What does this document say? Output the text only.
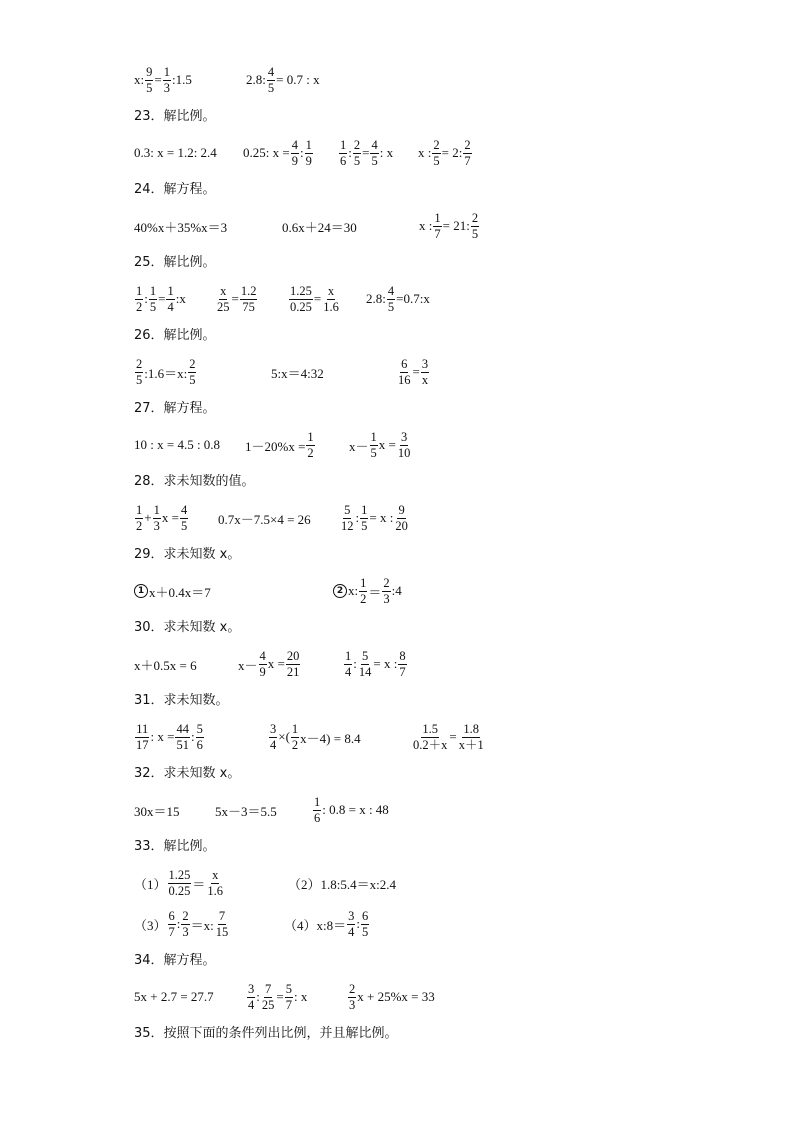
x: $\frac{9}{5} = \frac{1}{3}$ :1.5	2.8: $\frac{4}{5} = 0.7$ : x
23．解比例。
0.3: x = 1.2: 2.4 0.25: $x = \frac{4}{9}$ : $\frac{1}{9} \frac{1}{6}$ : $\frac{2}{5} = \frac{4}{5}$ : x x : $\frac{2}{5} = 2$: $\frac{2}{7}$
24．解方程。
40%x＋35%x＝3	0.6x＋24＝30	x : $\frac{1}{7} = 21$: $\frac{2}{5}$
25．解比例。
$\frac{1}{2}$ : $\frac{1}{5} = \frac{1}{4}$ :x $\frac{x}{25} = \frac{1.2}{75}$	$\frac{1.25}{0.25} = \frac{x}{1.6} 2.8$: $\frac{4}{5}$ =0.7:x
26．解比例。
$\frac{2}{5}$ :1.6＝x: $\frac{2}{5}$	5:x＝4:32	$\frac{6}{16} = \frac{3}{x}$
27．解方程。
10 : x = 4.5 : 0.8 $1-20\%x = \frac{1}{2}$	$x- \frac{1}{5}$ $x = \frac{3}{10}$
28．求未知数的值。
$\frac{1}{2} + \frac{1}{3}$ $x = \frac{4}{5} 0.7x-7.5\times 4 = 26 \frac{5}{12}$ : $\frac{1}{5} = x$ : $\frac{9}{20}$
29．求未知数 x。
1 x＋0.4x＝7	2 x: $\frac{1}{2} = \frac{2}{3}$ :4
30．求未知数 x。
x＋0.5x = 6	$x- \frac{4}{9}$ $x = \frac{20}{21}$	$\frac{1}{4}$ : $\frac{5}{14} = x$ : $\frac{8}{7}$
31．求未知数。
$\frac{11}{17}$ : $x = \frac{44}{51}$ : $\frac{5}{6}$	$\frac{3}{4}$ ×( $\frac{1}{2} x-4) = 8.4$	$\frac{1.5}{0.2+x} = \frac{1.8}{x+1}$
32．求未知数 x。
30x＝15	5x－3＝5.5	$\frac{1}{6}$ : 0.8 = x : 48
33．解比例。
$(1) \frac{1.25}{0.25} = \frac{x}{1.6}$	（2）1.8:5.4＝x:2.4
$(3) \frac{6}{7}$ : $\frac{2}{3} =x$: $\frac{7}{15}$	（4）x:8＝ $\frac{3}{4}$ : $\frac{6}{5}$
34．解方程。
5x + 2.7 = 27.7	$\frac{3}{4}$ : $\frac{7}{25} = \frac{5}{7}$ : x	$\frac{2}{3}$ x + 25%x = 33
35．按照下面的条件列出比例，并且解比例。
